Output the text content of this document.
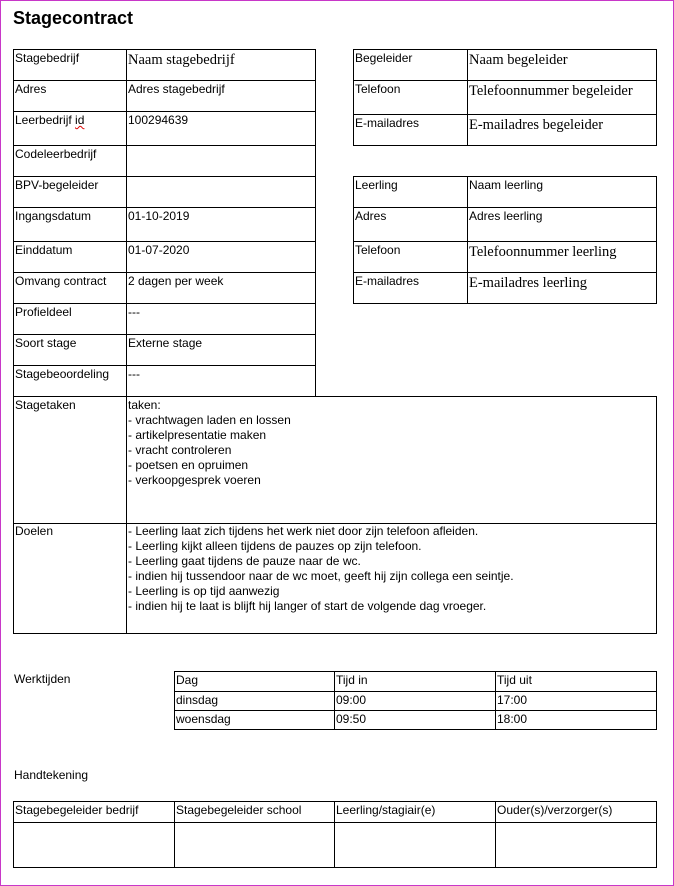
Stagecontract
Stagebedrijf	Naam stagebedrijf
Adres	Adres stagebedrijf
Leerbedrijf id	100294639
Codeleerbedrijf
BPV-begeleider
Ingangsdatum	01-10-2019
Einddatum	01-07-2020
Omvang contract	2 dagen per week
Profieldeel	---
Soort stage	Externe stage
Stagebeoordeling	---
Begeleider	Naam begeleider
Telefoon	Telefoonnummer begeleider
E-mailadres	E-mailadres begeleider
Leerling	Naam leerling
Adres	Adres leerling
Telefoon	Telefoonnummer leerling
E-mailadres	E-mailadres leerling
Stagetaken	taken:
- vrachtwagen laden en lossen
- artikelpresentatie maken
- vracht controleren
- poetsen en opruimen
- verkoopgesprek voeren
Doelen	- Leerling laat zich tijdens het werk niet door zijn telefoon afleiden.
- Leerling kijkt alleen tijdens de pauzes op zijn telefoon.
- Leerling gaat tijdens de pauze naar de wc.
- indien hij tussendoor naar de wc moet, geeft hij zijn collega een seintje.
- Leerling is op tijd aanwezig
- indien hij te laat is blijft hij langer of start de volgende dag vroeger.
Werktijden	Dag	Tijd in	Tijd uit
dinsdag	09:00	17:00
woensdag	09:50	18:00
Handtekening
Stagebegeleider bedrijf	Stagebegeleider school	Leerling/stagiair(e)	Ouder(s)/verzorger(s)
